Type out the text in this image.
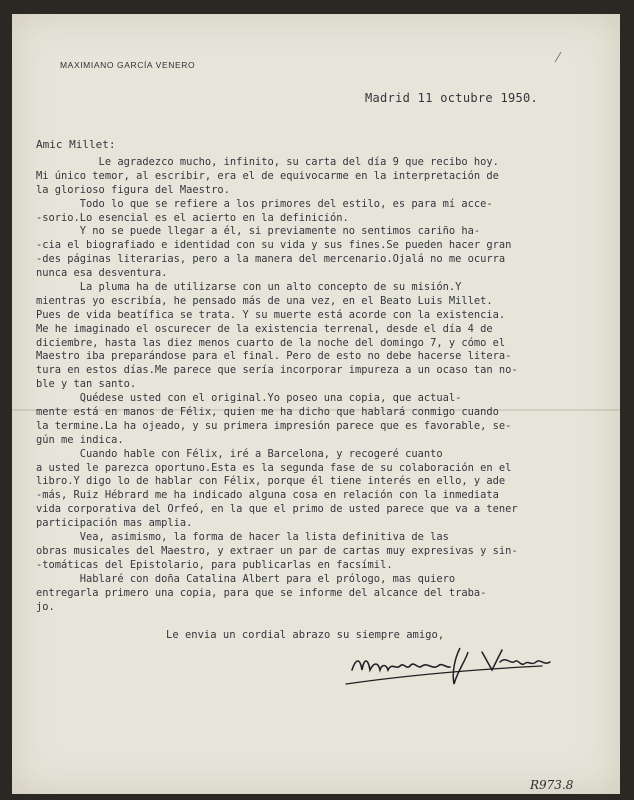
MAXIMIANO GARCÍA VENERO
Madrid 11 octubre 1950.
Amic Millet:
Le agradezco mucho, infinito, su carta del día 9 que recibo hoy.
Mi único temor, al escribir, era el de equivocarme en la interpretación de
la glorioso figura del Maestro.
Todo lo que se refiere a los primores del estilo, es para mí acce-
-sorio.Lo esencial es el acierto en la definición.
Y no se puede llegar a él, si previamente no sentimos cariño ha-
-cia el biografiado e identidad con su vida y sus fines.Se pueden hacer gran
-des páginas literarias, pero a la manera del mercenario.Ojalá no me ocurra
nunca esa desventura.
La pluma ha de utilizarse con un alto concepto de su misión.Y
mientras yo escribía, he pensado más de una vez, en el Beato Luis Millet.
Pues de vida beatífica se trata. Y su muerte está acorde con la existencia.
Me he imaginado el oscurecer de la existencia terrenal, desde el día 4 de
diciembre, hasta las diez menos cuarto de la noche del domingo 7, y cómo el
Maestro iba preparándose para el final. Pero de esto no debe hacerse litera-
tura en estos días.Me parece que sería incorporar impureza a un ocaso tan no-
ble y tan santo.
Quédese usted con el original.Yo poseo una copia, que actual-
mente está en manos de Félix, quien me ha dicho que hablará conmigo cuando
la termine.La ha ojeado, y su primera impresión parece que es favorable, se-
gún me indica.
Cuando hable con Félix, iré a Barcelona, y recogeré cuanto
a usted le parezca oportuno.Esta es la segunda fase de su colaboración en el
libro.Y digo lo de hablar con Félix, porque él tiene interés en ello, y ade
-más, Ruiz Hébrard me ha indicado alguna cosa en relación con la inmediata
vida corporativa del Orfeó, en la que el primo de usted parece que va a tener
participación mas amplia.
Vea, asimismo, la forma de hacer la lista definitiva de las
obras musicales del Maestro, y extraer un par de cartas muy expresivas y sin-
-tomáticas del Epistolario, para publicarlas en facsímil.
Hablaré con doña Catalina Albert para el prólogo, mas quiero
entregarla primero una copia, para que se informe del alcance del traba-
jo.
Le envia un cordial abrazo su siempre amigo,
R973.8
